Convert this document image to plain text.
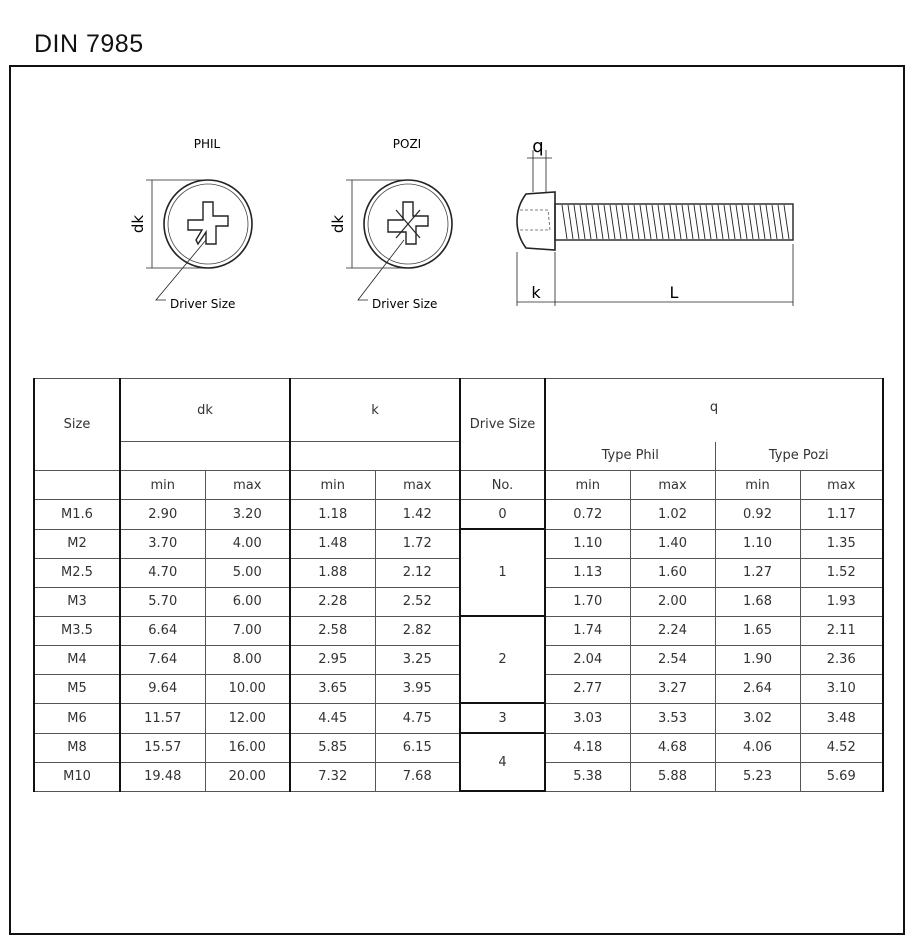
DIN 7985
PHIL
dk
Driver Size
POZI
dk
Driver Size
q
k	L
Size	dk		k		Drive Size	q			

						Type Phil		Type Pozi	
	min	max	min	max	No.	min	max	min	max
M1.6	2.90	3.20	1.18	1.42	0	0.72	1.02	0.92	1.17
M2	3.70	4.00	1.48	1.72	1	1.10	1.40	1.10	1.35
M2.5	4.70	5.00	1.88	2.12		1.13	1.60	1.27	1.52
M3	5.70	6.00	2.28	2.52		1.70	2.00	1.68	1.93
M3.5	6.64	7.00	2.58	2.82	2	1.74	2.24	1.65	2.11
M4	7.64	8.00	2.95	3.25		2.04	2.54	1.90	2.36
M5	9.64	10.00	3.65	3.95		2.77	3.27	2.64	3.10
M6	11.57	12.00	4.45	4.75	3	3.03	3.53	3.02	3.48
M8	15.57	16.00	5.85	6.15	4	4.18	4.68	4.06	4.52
M10	19.48	20.00	7.32	7.68		5.38	5.88	5.23	5.69
